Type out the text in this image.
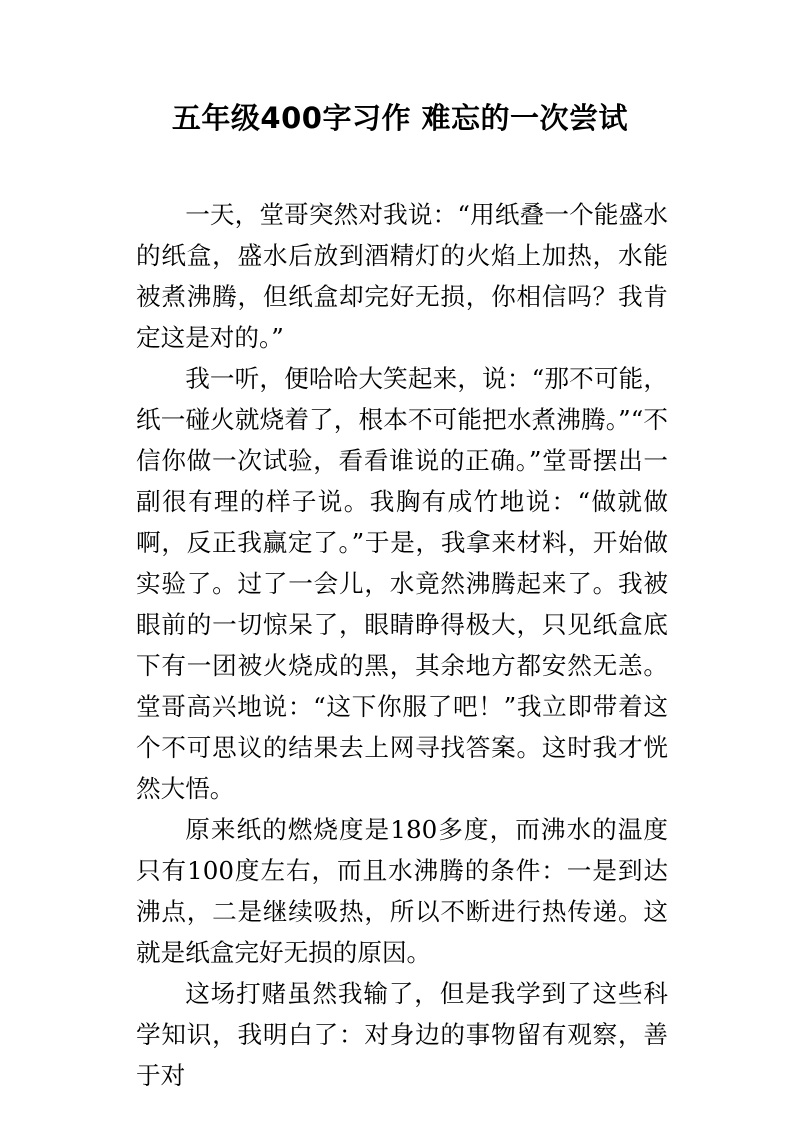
五年级400字习作 难忘的一次尝试

一天，堂哥突然对我说：“用纸叠一个能盛水的纸盒，盛水后放到酒精灯的火焰上加热，水能被煮沸腾，但纸盒却完好无损，你相信吗？我肯定这是对的。”

我一听，便哈哈大笑起来，说：“那不可能，纸一碰火就烧着了，根本不可能把水煮沸腾。”“不信你做一次试验，看看谁说的正确。”堂哥摆出一副很有理的样子说。我胸有成竹地说：“做就做啊，反正我赢定了。”于是，我拿来材料，开始做实验了。过了一会儿，水竟然沸腾起来了。我被眼前的一切惊呆了，眼睛睁得极大，只见纸盒底下有一团被火烧成的黑，其余地方都安然无恙。堂哥高兴地说：“这下你服了吧！”我立即带着这个不可思议的结果去上网寻找答案。这时我才恍然大悟。

原来纸的燃烧度是180多度，而沸水的温度只有100度左右，而且水沸腾的条件：一是到达沸点，二是继续吸热，所以不断进行热传递。这就是纸盒完好无损的原因。

这场打赌虽然我输了，但是我学到了这些科学知识，我明白了：对身边的事物留有观察，善于对
